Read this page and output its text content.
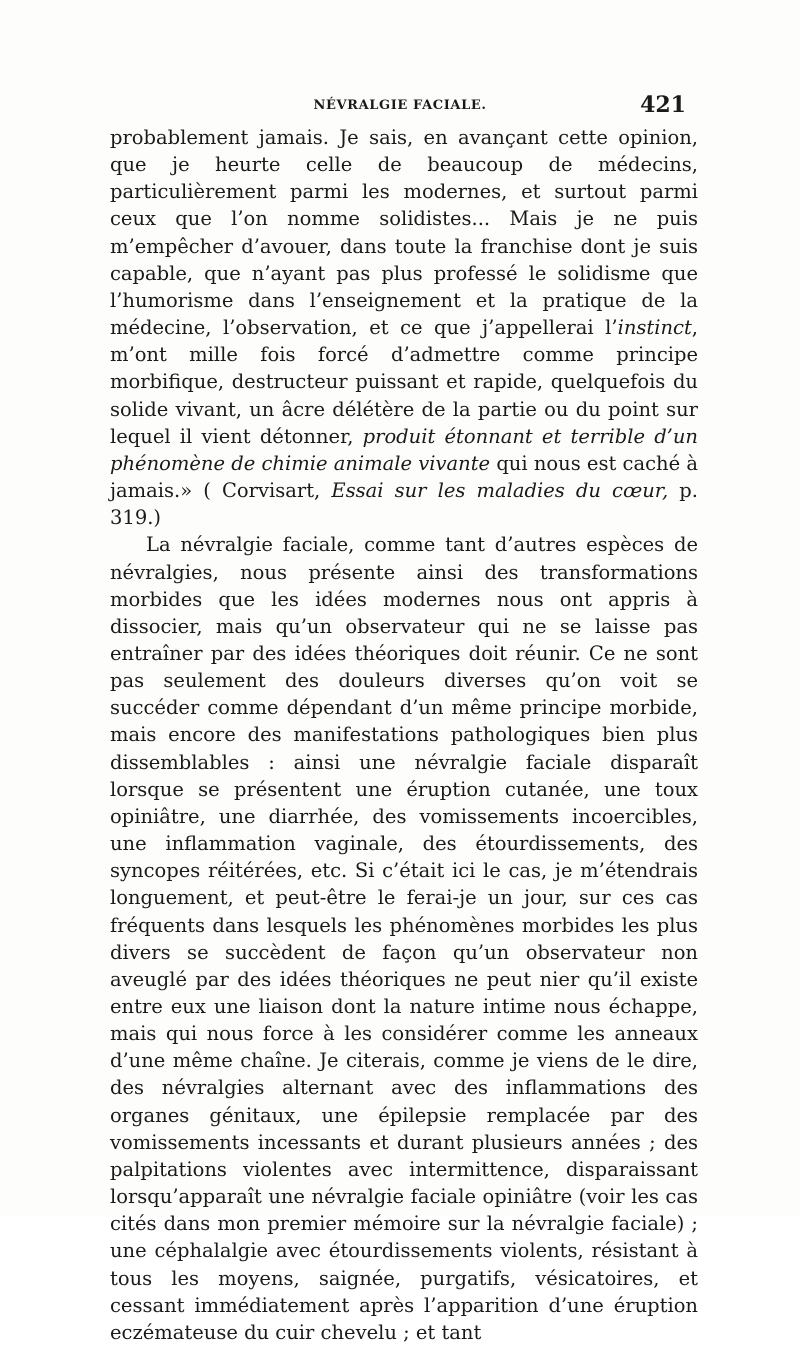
NÉVRALGIE FACIALE.	421

probablement jamais. Je sais, en avançant cette opinion, que je heurte celle de beaucoup de médecins, particulièrement parmi les modernes, et surtout parmi ceux que l’on nomme solidistes... Mais je ne puis m’empêcher d’avouer, dans toute la franchise dont je suis capable, que n’ayant pas plus professé le solidisme que l’humorisme dans l’enseignement et la pratique de la médecine, l’observation, et ce que j’appellerai l’instinct, m’ont mille fois forcé d’admettre comme principe morbifique, destructeur puissant et rapide, quelquefois du solide vivant, un âcre délétère de la partie ou du point sur lequel il vient détonner, produit étonnant et terrible d’un phénomène de chimie animale vivante qui nous est caché à jamais.» ( Corvisart, Essai sur les maladies du cœur, p. 319.)

La névralgie faciale, comme tant d’autres espèces de névralgies, nous présente ainsi des transformations morbides que les idées modernes nous ont appris à dissocier, mais qu’un observateur qui ne se laisse pas entraîner par des idées théoriques doit réunir. Ce ne sont pas seulement des douleurs diverses qu’on voit se succéder comme dépendant d’un même principe morbide, mais encore des manifestations pathologiques bien plus dissemblables : ainsi une névralgie faciale disparaît lorsque se présentent une éruption cutanée, une toux opiniâtre, une diarrhée, des vomissements incoercibles, une inflammation vaginale, des étourdissements, des syncopes réitérées, etc. Si c’était ici le cas, je m’étendrais longuement, et peut-être le ferai-je un jour, sur ces cas fréquents dans lesquels les phénomènes morbides les plus divers se succèdent de façon qu’un observateur non aveuglé par des idées théoriques ne peut nier qu’il existe entre eux une liaison dont la nature intime nous échappe, mais qui nous force à les considérer comme les anneaux d’une même chaîne. Je citerais, comme je viens de le dire, des névralgies alternant avec des inflammations des organes génitaux, une épilepsie remplacée par des vomissements incessants et durant plusieurs années ; des palpitations violentes avec intermittence, disparaissant lorsqu’apparaît une névralgie faciale opiniâtre (voir les cas cités dans mon premier mémoire sur la névralgie faciale) ; une céphalalgie avec étourdissements violents, résistant à tous les moyens, saignée, purgatifs, vésicatoires, et cessant immédiatement après l’apparition d’une éruption eczémateuse du cuir chevelu ; et tant
